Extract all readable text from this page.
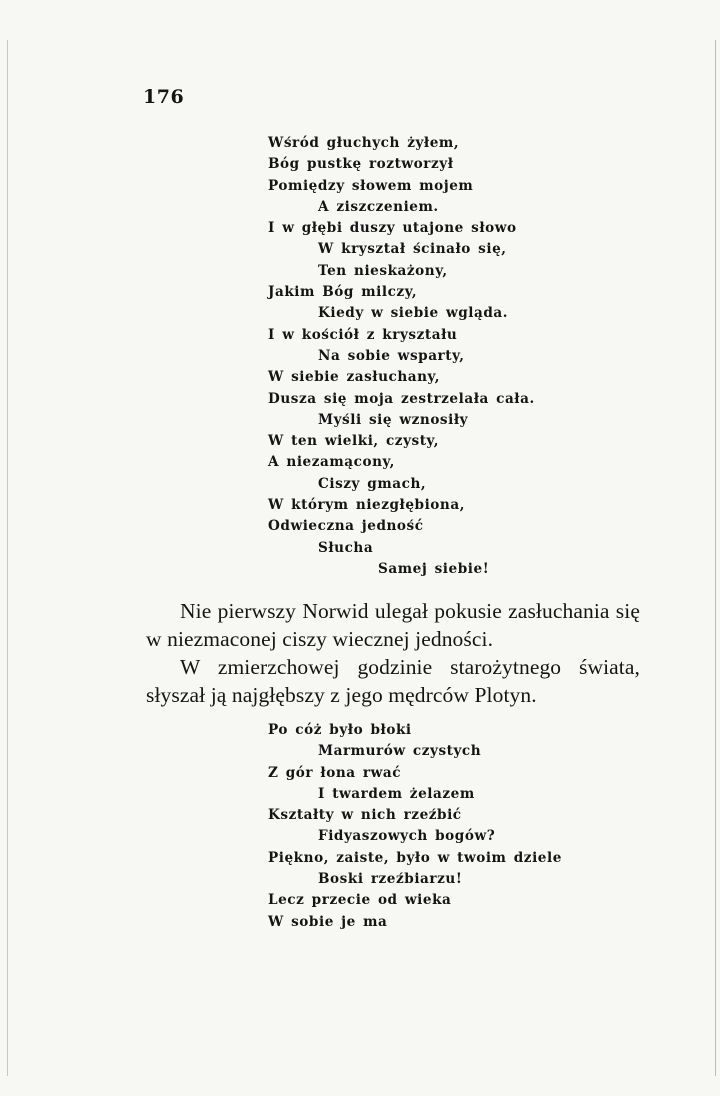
176
Wśród głuchych żyłem,
Bóg pustkę roztworzył
Pomiędzy słowem mojem
A ziszczeniem.
I w głębi duszy utajone słowo
W kryształ ścinało się,
Ten nieskażony,
Jakim Bóg milczy,
Kiedy w siebie wgląda.
I w kościół z kryształu
Na sobie wsparty,
W siebie zasłuchany,
Dusza się moja zestrzelała cała.
Myśli się wznosiły
W ten wielki, czysty,
A niezamącony,
Ciszy gmach,
W którym niezgłębiona,
Odwieczna jedność
Słucha
Samej siebie!

Nie pierwszy Norwid ulegał pokusie zasłuchania się w niezmaconej ciszy wiecznej jedności.

W zmierzchowej godzinie starożytnego świata, słyszał ją najgłębszy z jego mędrców Plotyn.

Po cóż było błoki
Marmurów czystych
Z gór łona rwać
I twardem żelazem
Kształty w nich rzeźbić
Fidyaszowych bogów?
Piękno, zaiste, było w twoim dziele
Boski rzeźbiarzu!
Lecz przecie od wieka
W sobie je ma
